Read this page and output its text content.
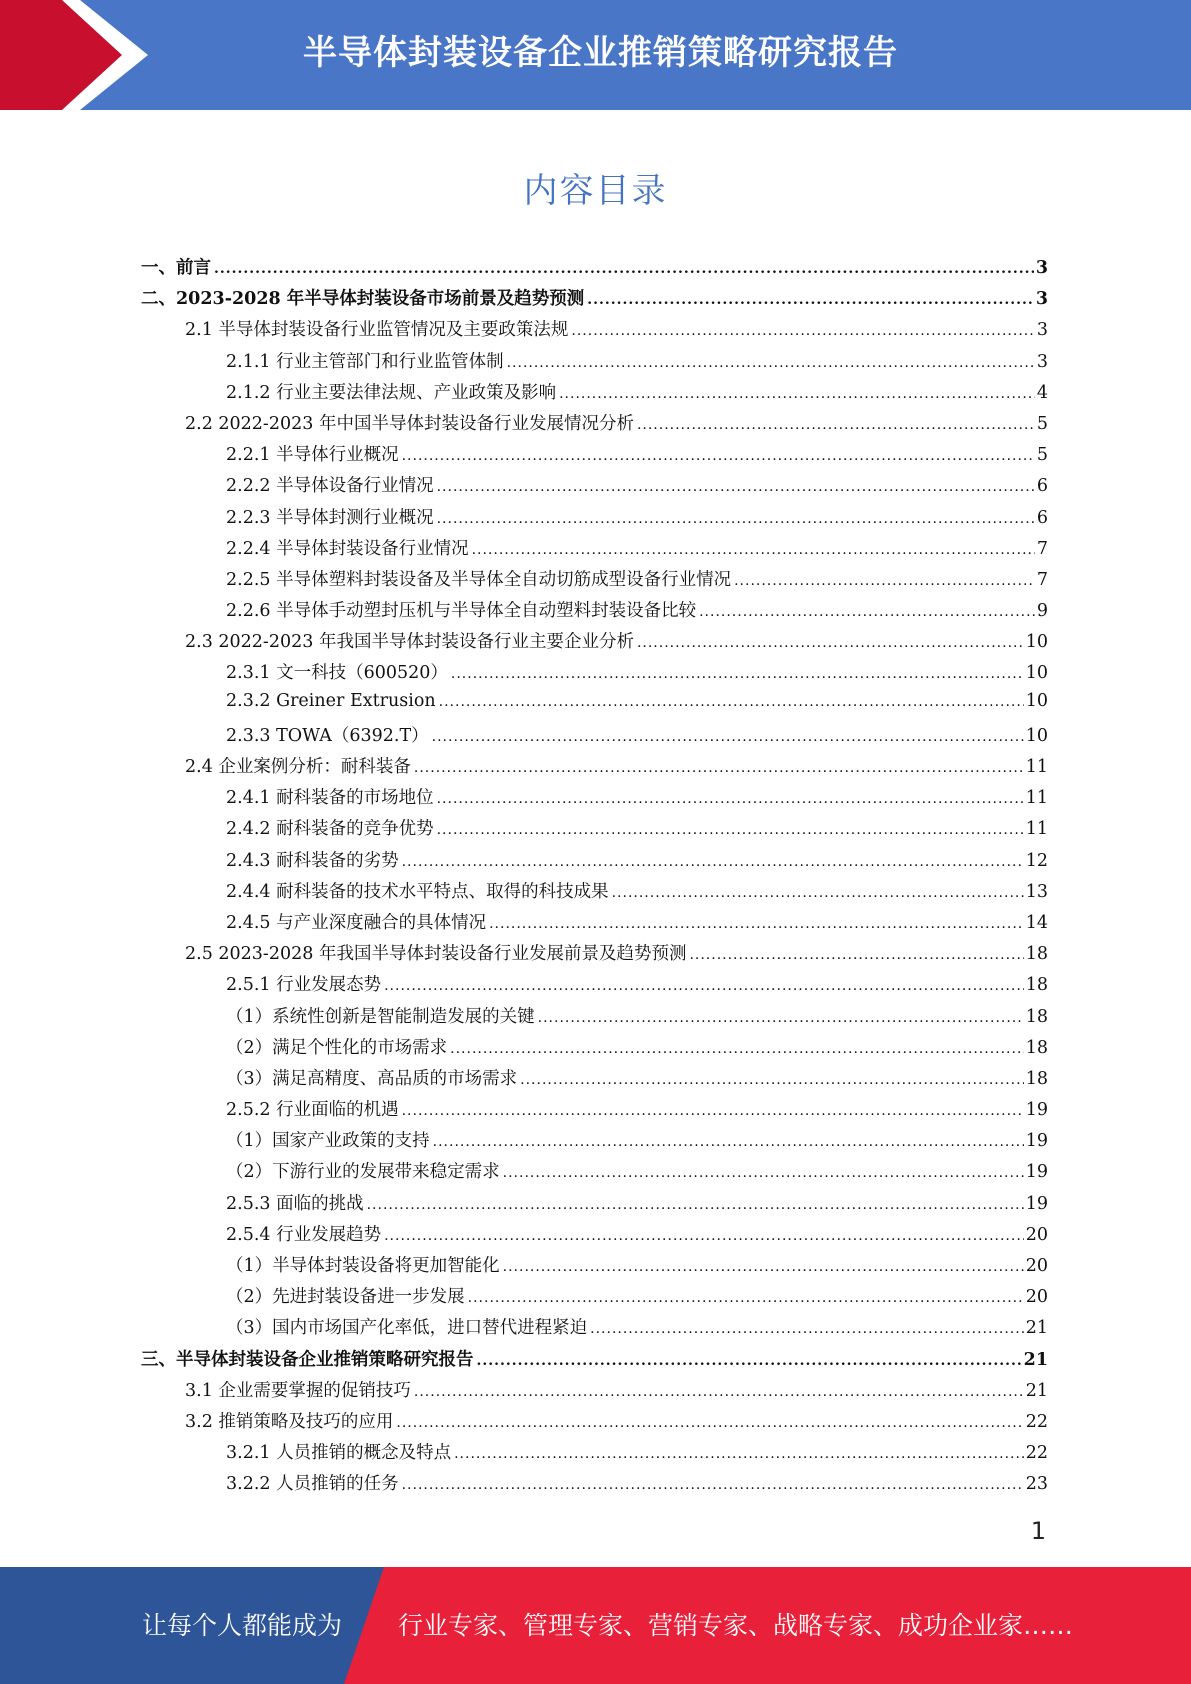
半导体封装设备企业推销策略研究报告
内容目录
一、前言 .....	3
二、2023-2028 年半导体封装设备市场前景及趋势预测 .....	3
2.1 半导体封装设备行业监管情况及主要政策法规 .....	3
2.1.1 行业主管部门和行业监管体制 .....	3
2.1.2 行业主要法律法规、产业政策及影响 .....	4
2.2 2022-2023 年中国半导体封装设备行业发展情况分析 .....	5
2.2.1 半导体行业概况 .....	5
2.2.2 半导体设备行业情况 .....	6
2.2.3 半导体封测行业概况 .....	6
2.2.4 半导体封装设备行业情况 .....	7
2.2.5 半导体塑料封装设备及半导体全自动切筋成型设备行业情况 .....	7
2.2.6 半导体手动塑封压机与半导体全自动塑料封装设备比较 .....	9
2.3 2022-2023 年我国半导体封装设备行业主要企业分析 .....	10
2.3.1 文一科技（600520） .....	10
2.3.2 Greiner Extrusion .....	10
2.3.3 TOWA（6392.T） .....	10
2.4 企业案例分析：耐科装备 .....	11
2.4.1 耐科装备的市场地位 .....	11
2.4.2 耐科装备的竞争优势 .....	11
2.4.3 耐科装备的劣势 .....	12
2.4.4 耐科装备的技术水平特点、取得的科技成果 .....	13
2.4.5 与产业深度融合的具体情况 .....	14
2.5 2023-2028 年我国半导体封装设备行业发展前景及趋势预测 .....	18
2.5.1 行业发展态势 .....	18
（1）系统性创新是智能制造发展的关键 .....	18
（2）满足个性化的市场需求 .....	18
（3）满足高精度、高品质的市场需求 .....	18
2.5.2 行业面临的机遇 .....	19
（1）国家产业政策的支持 .....	19
（2）下游行业的发展带来稳定需求 .....	19
2.5.3 面临的挑战 .....	19
2.5.4 行业发展趋势 .....	20
（1）半导体封装设备将更加智能化 .....	20
（2）先进封装设备进一步发展 .....	20
（3）国内市场国产化率低，进口替代进程紧迫 .....	21
三、半导体封装设备企业推销策略研究报告 .....	21
3.1 企业需要掌握的促销技巧 .....	21
3.2 推销策略及技巧的应用 .....	22
3.2.1 人员推销的概念及特点 .....	22
3.2.2 人员推销的任务 .....	23
1
让每个人都能成为 行业专家、管理专家、营销专家、战略专家、成功企业家……
